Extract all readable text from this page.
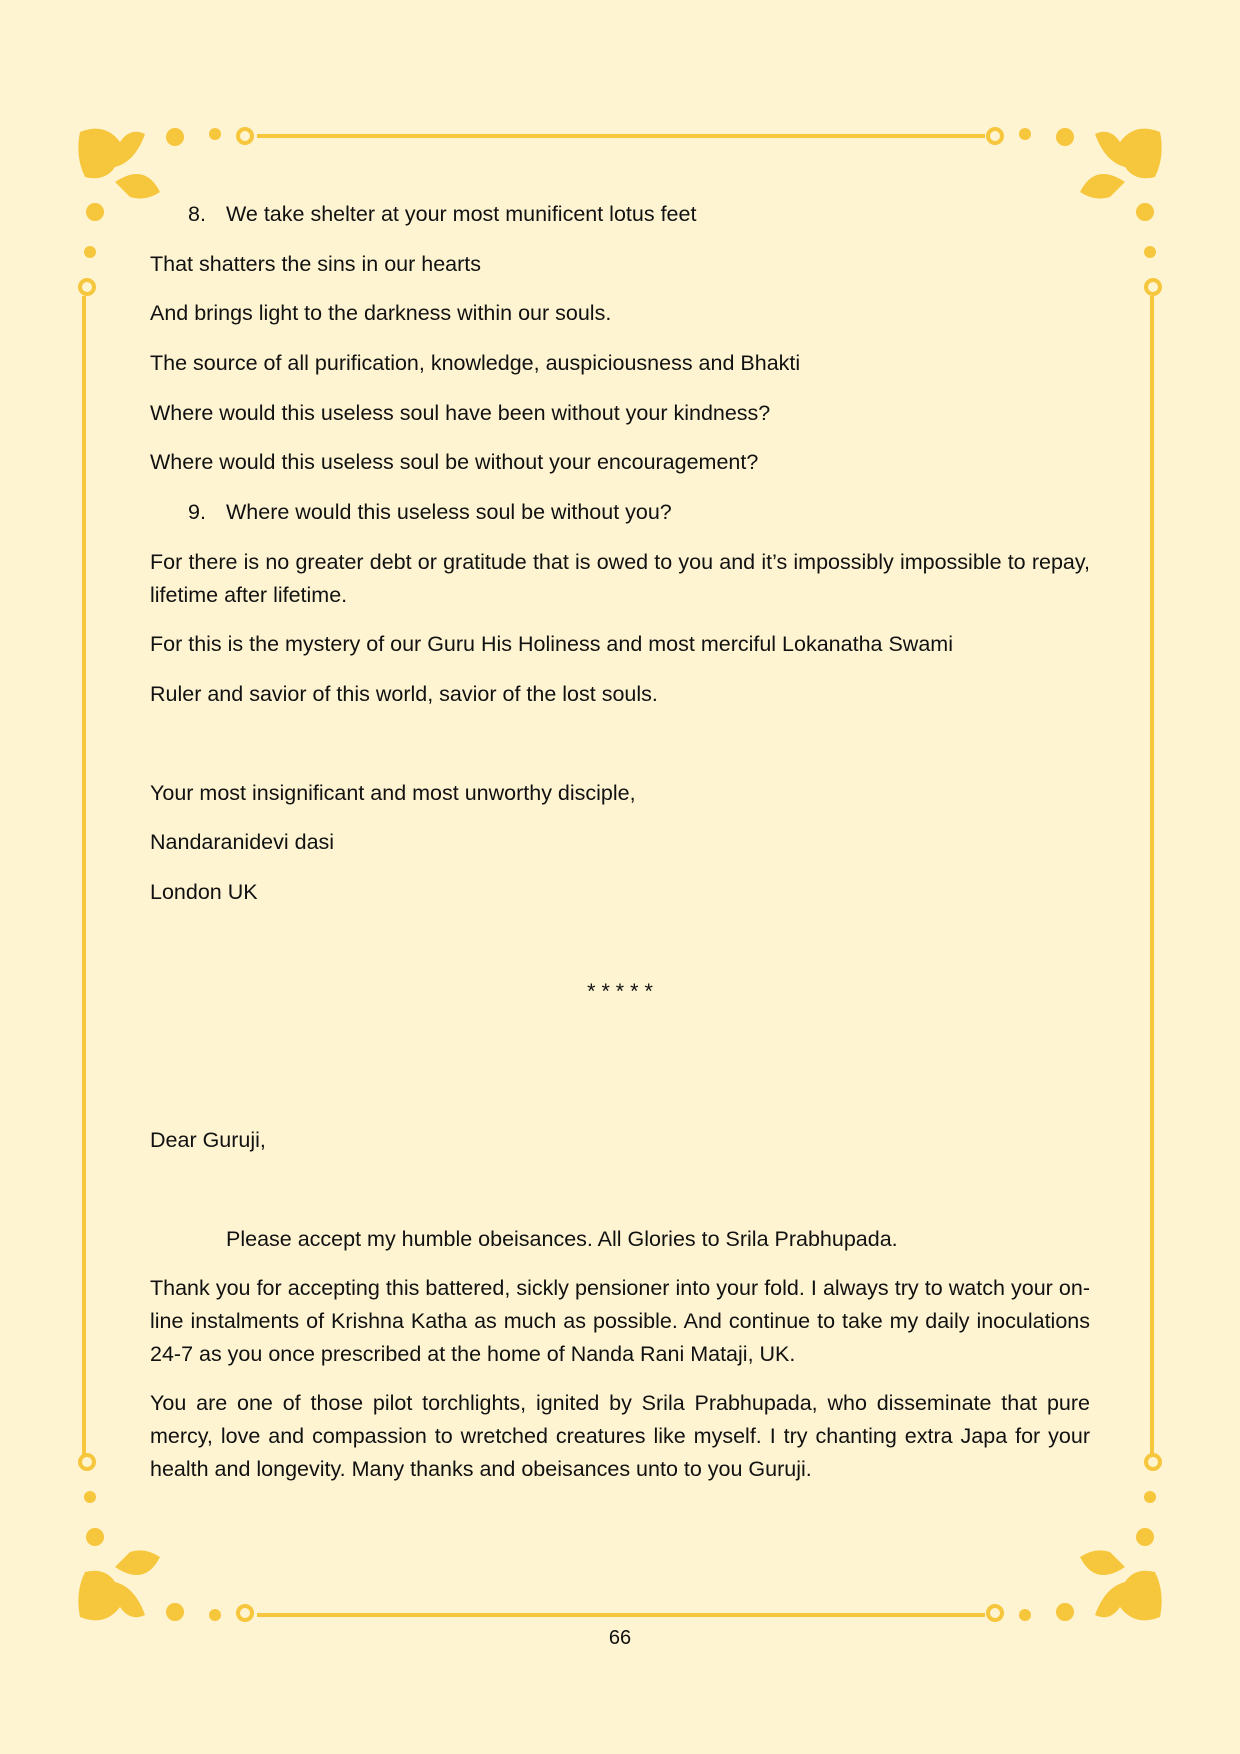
8. We take shelter at your most munificent lotus feet
That shatters the sins in our hearts
And brings light to the darkness within our souls.
The source of all purification, knowledge, auspiciousness and Bhakti
Where would this useless soul have been without your kindness?
Where would this useless soul be without your encouragement?
9. Where would this useless soul be without you?
For there is no greater debt or gratitude that is owed to you and it’s impossibly impossible to repay, lifetime after lifetime.
For this is the mystery of our Guru His Holiness and most merciful Lokanatha Swami
Ruler and savior of this world, savior of the lost souls.
Your most insignificant and most unworthy disciple,
Nandaranidevi dasi
London UK
* * * * *
Dear Guruji,
Please accept my humble obeisances. All Glories to Srila Prabhupada.
Thank you for accepting this battered, sickly pensioner into your fold. I always try to watch your on-line instalments of Krishna Katha as much as possible. And continue to take my daily inoculations 24-7 as you once prescribed at the home of Nanda Rani Mataji, UK.
You are one of those pilot torchlights, ignited by Srila Prabhupada, who disseminate that pure mercy, love and compassion to wretched creatures like myself. I try chanting extra Japa for your health and longevity. Many thanks and obeisances unto to you Guruji.
66
